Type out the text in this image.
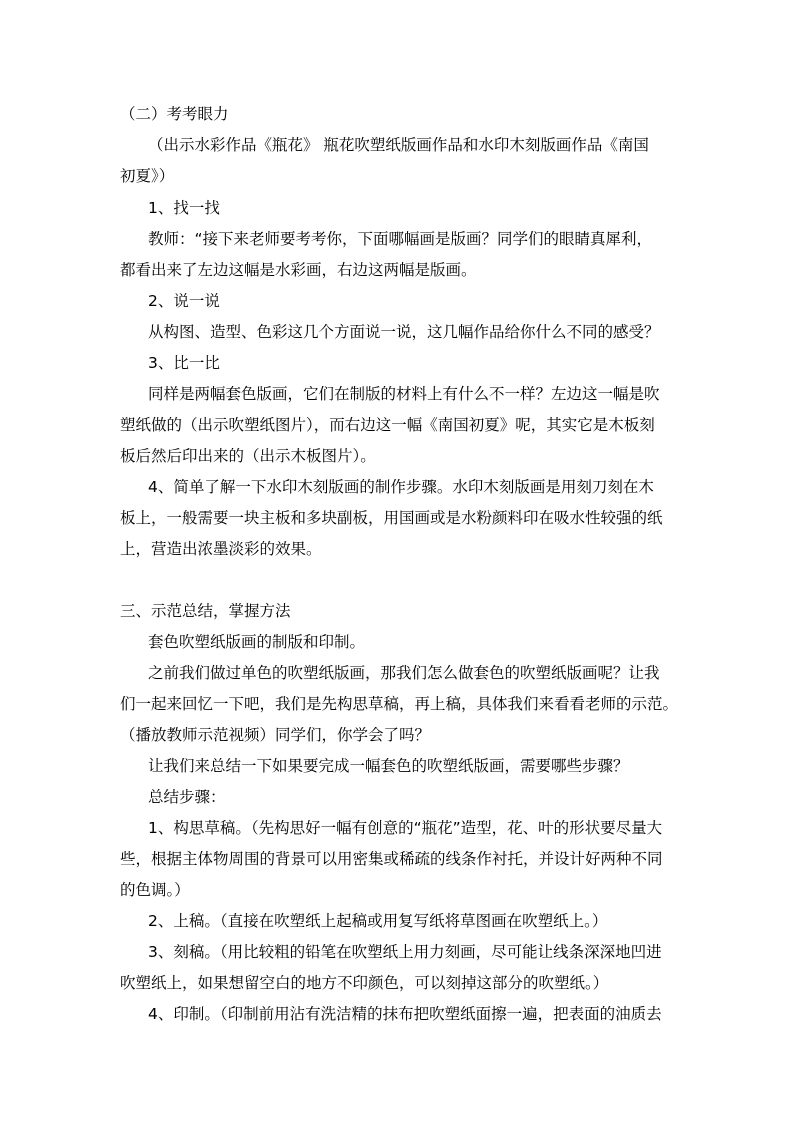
（二）考考眼力
（出示水彩作品《瓶花》 瓶花吹塑纸版画作品和水印木刻版画作品《南国
初夏》）
1、找一找
教师：“接下来老师要考考你，下面哪幅画是版画？同学们的眼睛真犀利，
都看出来了左边这幅是水彩画，右边这两幅是版画。
2、说一说
从构图、造型、色彩这几个方面说一说，这几幅作品给你什么不同的感受？
3、比一比
同样是两幅套色版画，它们在制版的材料上有什么不一样？左边这一幅是吹
塑纸做的（出示吹塑纸图片），而右边这一幅《南国初夏》呢，其实它是木板刻
板后然后印出来的（出示木板图片）。
4、简单了解一下水印木刻版画的制作步骤。水印木刻版画是用刻刀刻在木
板上，一般需要一块主板和多块副板，用国画或是水粉颜料印在吸水性较强的纸
上，营造出浓墨淡彩的效果。
三、示范总结，掌握方法
套色吹塑纸版画的制版和印制。
之前我们做过单色的吹塑纸版画，那我们怎么做套色的吹塑纸版画呢？让我
们一起来回忆一下吧，我们是先构思草稿，再上稿，具体我们来看看老师的示范。
（播放教师示范视频）同学们，你学会了吗？
让我们来总结一下如果要完成一幅套色的吹塑纸版画，需要哪些步骤？
总结步骤：
1、构思草稿。（先构思好一幅有创意的“瓶花”造型，花、叶的形状要尽量大
些，根据主体物周围的背景可以用密集或稀疏的线条作衬托，并设计好两种不同
的色调。）
2、上稿。（直接在吹塑纸上起稿或用复写纸将草图画在吹塑纸上。）
3、刻稿。（用比较粗的铅笔在吹塑纸上用力刻画，尽可能让线条深深地凹进
吹塑纸上，如果想留空白的地方不印颜色，可以刻掉这部分的吹塑纸。）
4、印制。（印制前用沾有洗洁精的抹布把吹塑纸面擦一遍，把表面的油质去
